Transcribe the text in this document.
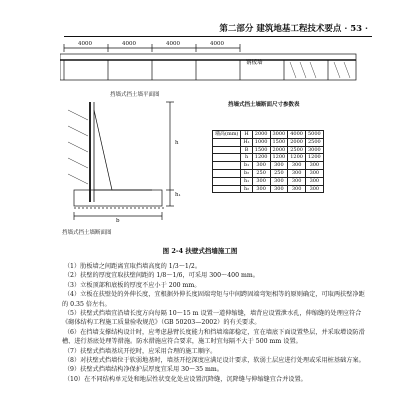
第二部分 建筑地基工程技术要点 · 53 ·
4000	4000	4000	4000
钢板墙
挡墙式挡土墙平面图
h₁
h
b
挡墙式挡土墙断面图
挡墙式挡土墙断面尺寸参数表
墙高(mm)	H	2000	3000	4000	5000
	H₁	1000	1500	2000	2500
	B	1500	2000	2500	3000
	h	1200	1200	1200	1200
	b₁	300	300	300	300
	b₂	250	250	300	300
	h₁	300	300	300	300
	h₂	300	300	300	300
图 2-4 扶壁式挡墙施工图

（1）肋板墙之间距离宜取挡墙高度的 1/3～1/2。

（2）扶壁的厚度宜取扶壁间距的 1/8～1/6，可采用 300～400 mm。

（3）立板顶部和底板的厚度不应小于 200 mm。

（4）立板在扶壁处的外伸长度，宜根据外伸长度固端弯矩与中间跨固端弯矩相等的原则确定，可取两扶壁净距的 0.35 倍左右。

（5）扶壁式挡墙宜沿墙长度方向每隔 10～15 m 设置一道伸缩缝，墙背应设置泄水孔，伸缩缝的处理应符合《砌体结构工程施工质量验收规范》（GB 50203—2002）的有关要求。

（6）在挡墙支撑结构设计时，应考虑悬臂长度能力和挡墙端部稳定，宜在墙底下面设置垫层，并采取增设防滑槽、进行基底处理等措施。防水措施应符合要求，施工时宜每隔不大于 500 mm 设置。

（7）扶壁式挡墙基坑开挖时，应采用合理的施工顺序。

（8）对扶壁式挡墙位于软弱地基时，墙基开挖深度应满足设计要求，软弱土层应进行处理或采用桩基础方案。

（9）扶壁式挡墙结构净保护层厚度宜采用 30～35 mm。

（10）在不同结构单元处和地层性状变化处应设置沉降缝，沉降缝与伸缩缝宜合并设置。
